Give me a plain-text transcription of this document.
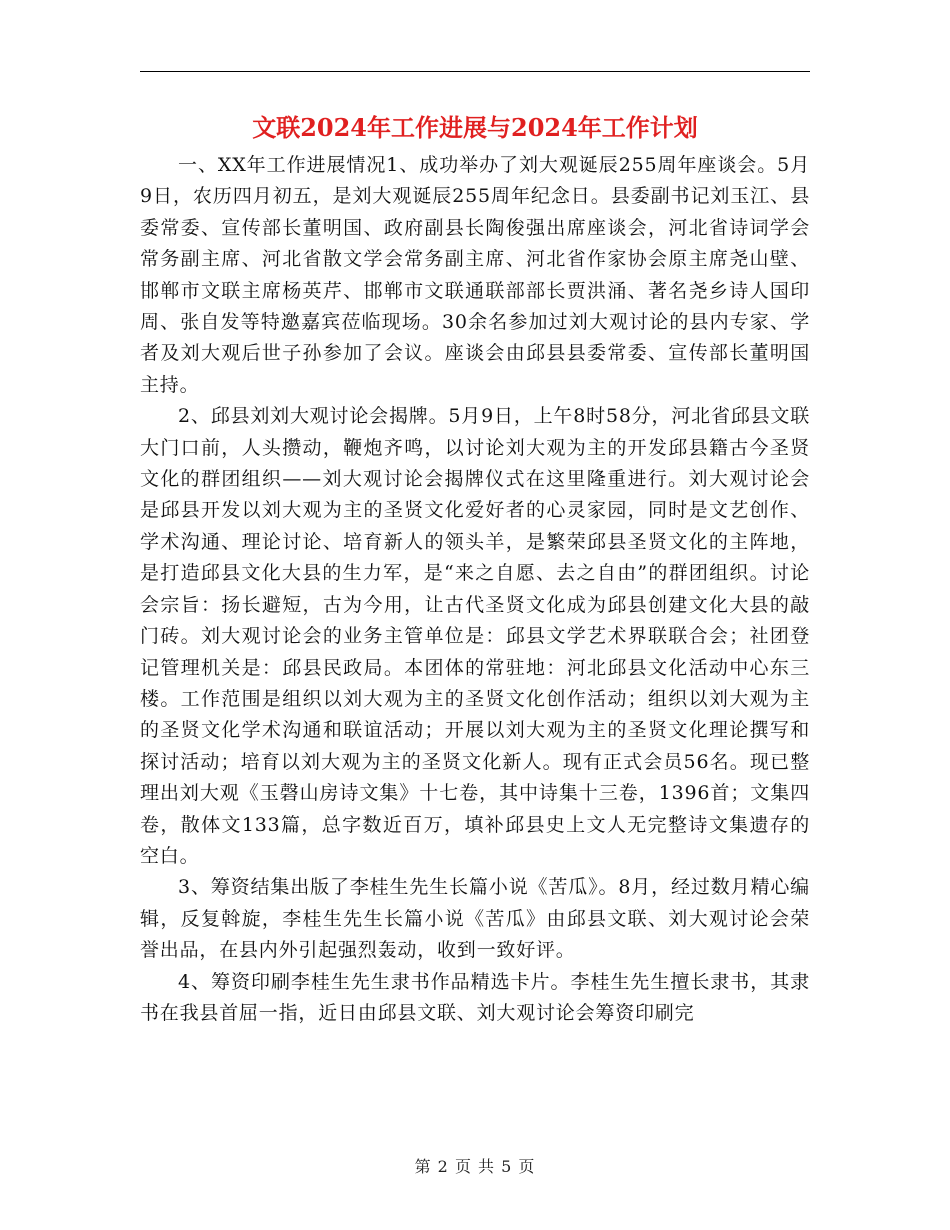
文联2024年工作进展与2024年工作计划

一、XX年工作进展情况1、成功举办了刘大观诞辰255周年座谈会。5月9日，农历四月初五，是刘大观诞辰255周年纪念日。县委副书记刘玉江、县委常委、宣传部长董明国、政府副县长陶俊强出席座谈会，河北省诗词学会常务副主席、河北省散文学会常务副主席、河北省作家协会原主席尧山壁、邯郸市文联主席杨英芹、邯郸市文联通联部部长贾洪涌、著名尧乡诗人国印周、张自发等特邀嘉宾莅临现场。30余名参加过刘大观讨论的县内专家、学者及刘大观后世子孙参加了会议。座谈会由邱县县委常委、宣传部长董明国主持。

2、邱县刘刘大观讨论会揭牌。5月9日，上午8时58分，河北省邱县文联大门口前，人头攒动，鞭炮齐鸣，以讨论刘大观为主的开发邱县籍古今圣贤文化的群团组织——刘大观讨论会揭牌仪式在这里隆重进行。刘大观讨论会是邱县开发以刘大观为主的圣贤文化爱好者的心灵家园，同时是文艺创作、学术沟通、理论讨论、培育新人的领头羊，是繁荣邱县圣贤文化的主阵地，是打造邱县文化大县的生力军，是“来之自愿、去之自由”的群团组织。讨论会宗旨：扬长避短，古为今用，让古代圣贤文化成为邱县创建文化大县的敲门砖。刘大观讨论会的业务主管单位是：邱县文学艺术界联联合会；社团登记管理机关是：邱县民政局。本团体的常驻地：河北邱县文化活动中心东三楼。工作范围是组织以刘大观为主的圣贤文化创作活动；组织以刘大观为主的圣贤文化学术沟通和联谊活动；开展以刘大观为主的圣贤文化理论撰写和探讨活动；培育以刘大观为主的圣贤文化新人。现有正式会员56名。现已整理出刘大观《玉磬山房诗文集》十七卷，其中诗集十三卷，1396首；文集四卷，散体文133篇，总字数近百万，填补邱县史上文人无完整诗文集遗存的空白。

3、筹资结集出版了李桂生先生长篇小说《苦瓜》。8月，经过数月精心编辑，反复斡旋，李桂生先生长篇小说《苦瓜》由邱县文联、刘大观讨论会荣誉出品，在县内外引起强烈轰动，收到一致好评。

4、筹资印刷李桂生先生隶书作品精选卡片。李桂生先生擅长隶书，其隶书在我县首屈一指，近日由邱县文联、刘大观讨论会筹资印刷完

第 2 页 共 5 页
